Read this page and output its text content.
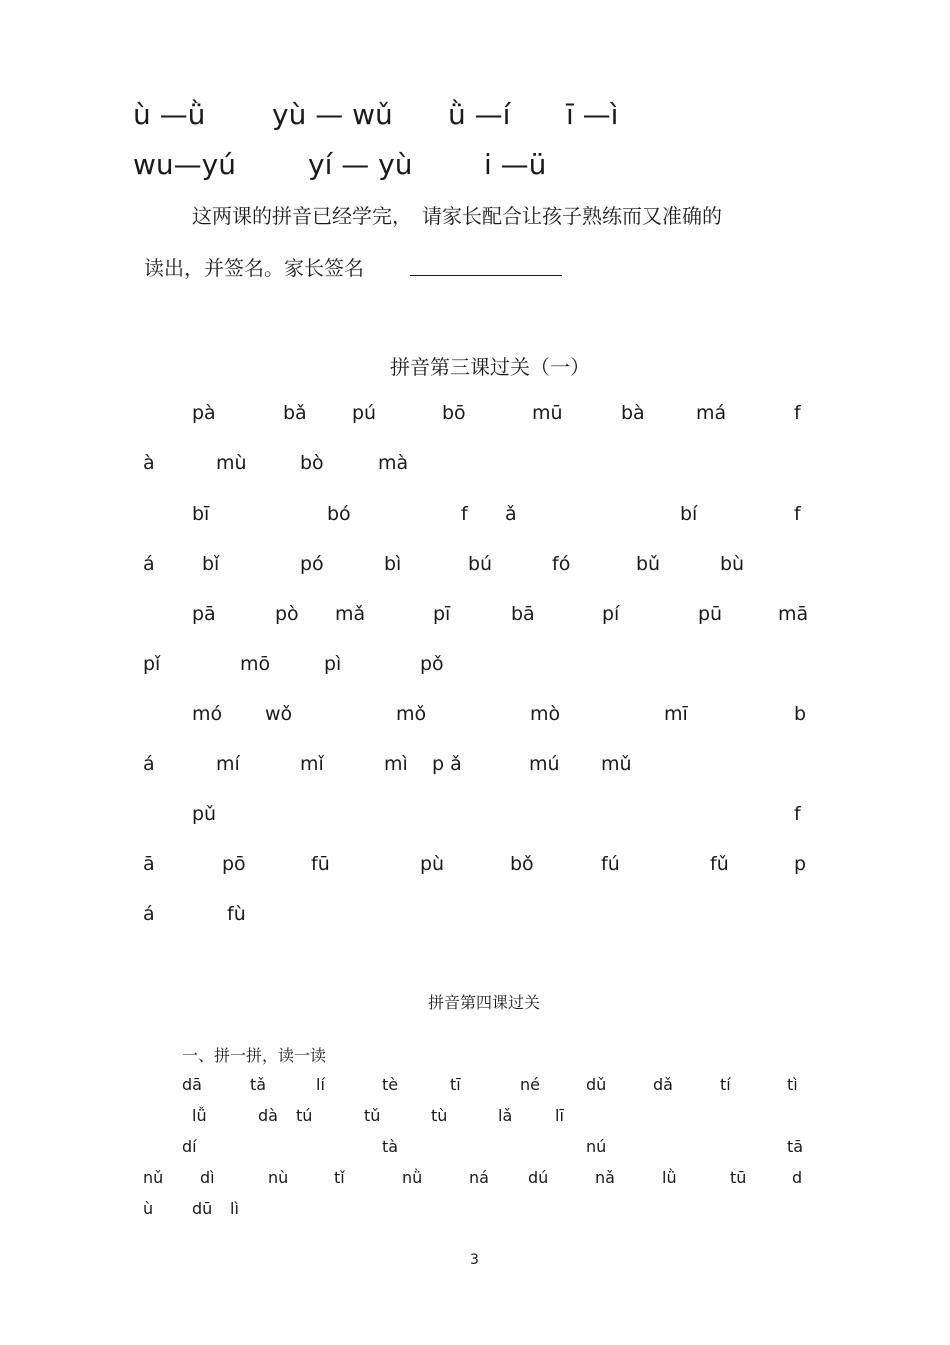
ù —ǜ yù — wǔ ǜ —í ī —ì
wu—yú	yí — yù	i —ü
这两课的拼音已经学完，　请家长配合让孩子熟练而又准确的
读出，并签名。家长签名
拼音第三课过关（一）
pà	bǎ pú	bō	mū	bà	má	f
à	mù	bò	mà
bī	bó	f ǎ	bí	f
á bǐ	pó	bì	bú	fó	bǔ	bù
pā	pò mǎ	pī	bā	pí	pū	mā
pǐ	mō	pì	pǒ
mó wǒ	mǒ	mò	mī	b
á	mí	mǐ	mì p ǎ	mú mǔ
pǔ	f
ā	pō	fū	pù	bǒ	fú	fǔ	p
á	fù
拼音第四课过关
一、拼一拼，读一读
dā	tǎ	lí	tè	tī	né	dǔ	dǎ	tí	tì
lǚ	dà tú	tǔ	tù	lǎ	lī
dí	tà	nú	tā
nǔ dì	nù	tǐ	nǜ	ná dú	nǎ	lǜ	tū	d
ù dū lì
3
